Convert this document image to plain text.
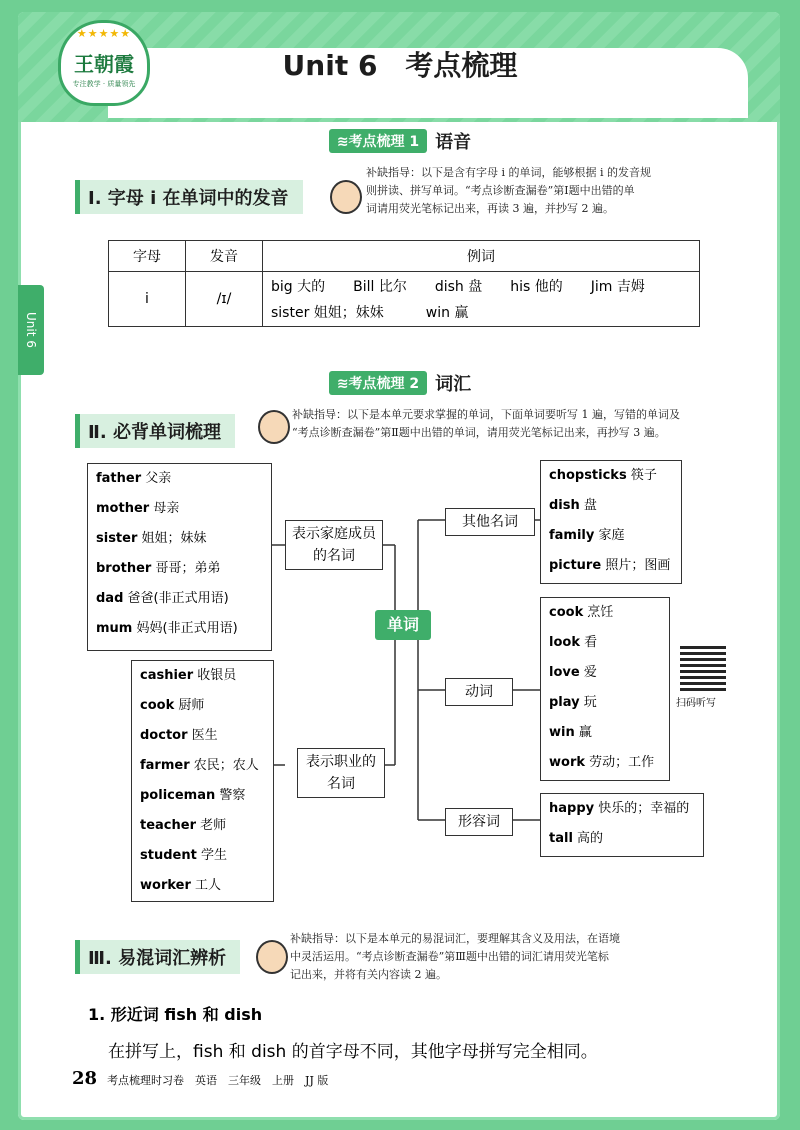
★★★★★
王朝霞
专注教学 · 质量领先
Unit 6　考点梳理
Unit 6
≋考点梳理 1 语音
Ⅰ. 字母 i 在单词中的发音
补缺指导：以下是含有字母 i 的单词，能够根据 i 的发音规
则拼读、拼写单词。“考点诊断查漏卷”第Ⅰ题中出错的单
词请用荧光笔标记出来，再读 3 遍，并抄写 2 遍。
字母	发音	例词
i	/ɪ/	big 大的　　Bill 比尔　　dish 盘　　his 他的　　Jim 吉姆
sister 姐姐；妹妹　　　win 赢
≋考点梳理 2 词汇
Ⅱ. 必背单词梳理
补缺指导：以下是本单元要求掌握的单词，下面单词要听写 1 遍，写错的单词及
“考点诊断查漏卷”第Ⅱ题中出错的单词，请用荧光笔标记出来，再抄写 3 遍。
father 父亲
mother 母亲
sister 姐姐；妹妹
brother 哥哥；弟弟
dad 爸爸(非正式用语)
mum 妈妈(非正式用语)
表示家庭成员的名词
单词
cashier 收银员
cook 厨师
doctor 医生
farmer 农民；农人
policeman 警察
teacher 老师
student 学生
worker 工人
表示职业的名词
其他名词
动词
形容词
chopsticks 筷子
dish 盘
family 家庭
picture 照片；图画
cook 烹饪
look 看
love 爱
play 玩
win 赢
work 劳动；工作
扫码听写
happy 快乐的；幸福的
tall 高的
Ⅲ. 易混词汇辨析
补缺指导：以下是本单元的易混词汇，要理解其含义及用法，在语境
中灵活运用。“考点诊断查漏卷”第Ⅲ题中出错的词汇请用荧光笔标
记出来，并将有关内容读 2 遍。
1. 形近词 fish 和 dish
在拼写上，fish 和 dish 的首字母不同，其他字母拼写完全相同。
28 考点梳理时习卷　英语　三年级　上册　JJ 版
